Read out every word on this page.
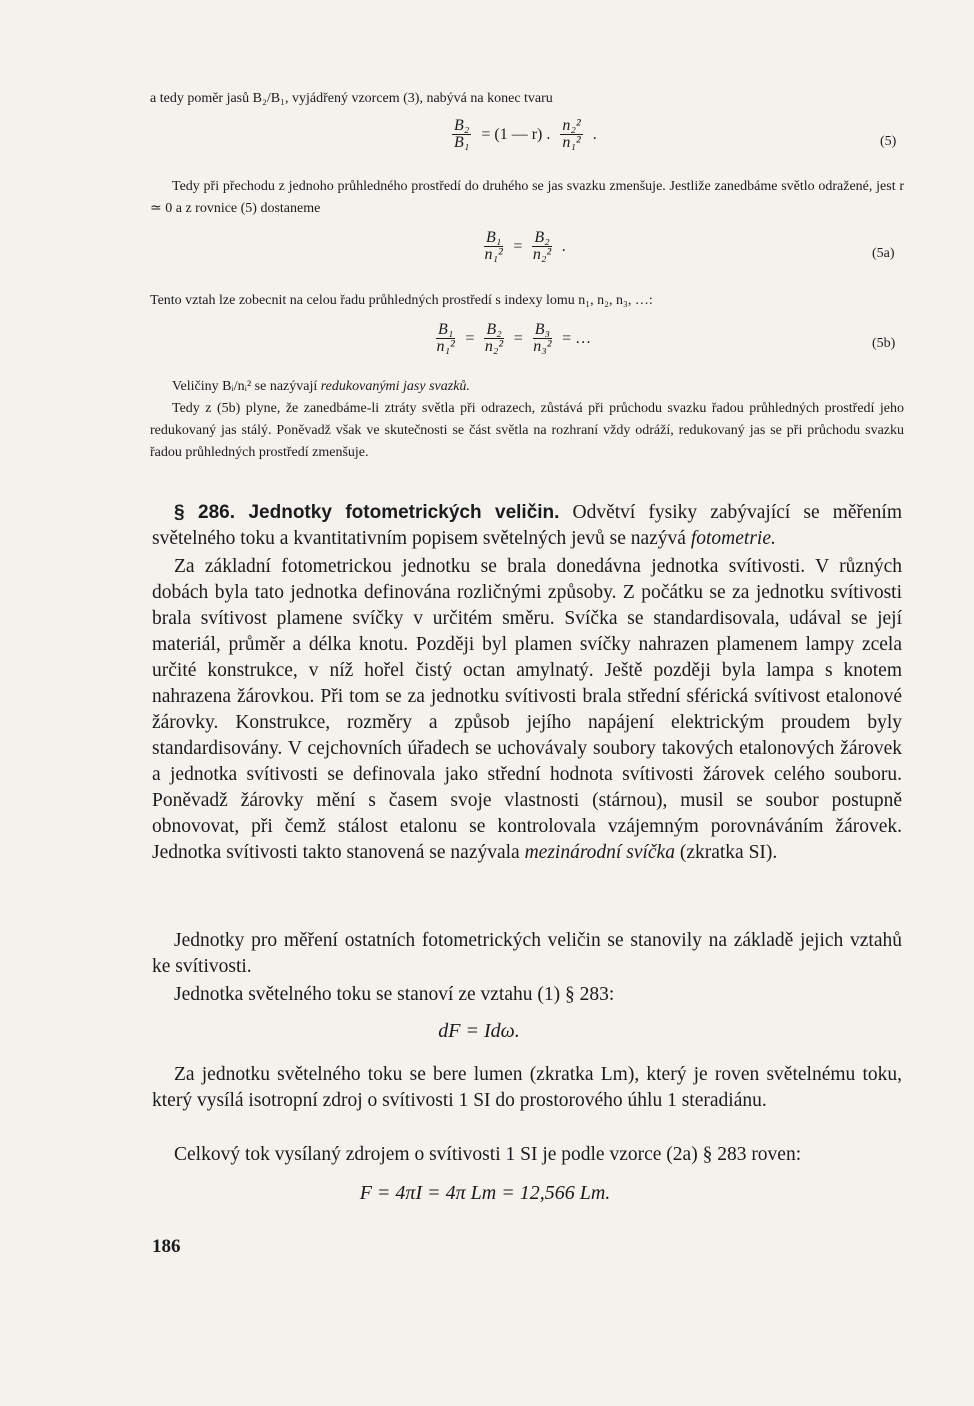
a tedy poměr jasů B₂/B₁, vyjádřený vzorcem (3), nabývá na konec tvaru
$\frac{\text{B₂}}{\text{B₁}} = (1$ — r) . $\frac{\text{n₂²}}{\text{n₁²}}$ .	(5)
Tedy při přechodu z jednoho průhledného prostředí do druhého se jas svazku zmenšuje. Jestliže zanedbáme světlo odražené, jest r ≃ 0 a z rovnice (5) dostaneme
$\frac{\text{B₁}}{\text{n₁²}} = \frac{\text{B₂}}{\text{n₂²}}$ .	(5a)
Tento vztah lze zobecnit na celou řadu průhledných prostředí s indexy lomu n₁, n₂, n₃, …:
$\frac{\text{B₁}}{\text{n₁²}} = \frac{\text{B₂}}{\text{n₂²}} = \frac{\text{B₃}}{\text{n₃²}}$ = …	(5b)
Veličiny Bᵢ/nᵢ² se nazývají redukovanými jasy svazků.
Tedy z (5b) plyne, že zanedbáme-li ztráty světla při odrazech, zůstává při průchodu svazku řadou průhledných prostředí jeho redukovaný jas stálý. Poněvadž však ve skutečnosti se část světla na rozhraní vždy odráží, redukovaný jas se při průchodu svazku řadou průhledných prostředí zmenšuje.
§ 286. Jednotky fotometrických veličin. Odvětví fysiky zabývající se měřením světelného toku a kvantitativním popisem světelných jevů se nazývá fotometrie.
Za základní fotometrickou jednotku se brala donedávna jednotka svítivosti. V různých dobách byla tato jednotka definována rozličnými způsoby. Z počátku se za jednotku svítivosti brala svítivost plamene svíčky v určitém směru. Svíčka se standardisovala, udával se její materiál, průměr a délka knotu. Později byl plamen svíčky nahrazen plamenem lampy zcela určité konstrukce, v níž hořel čistý octan amylnatý. Ještě později byla lampa s knotem nahrazena žárovkou. Při tom se za jednotku svítivosti brala střední sférická svítivost etalonové žárovky. Konstrukce, rozměry a způsob jejího napájení elektrickým proudem byly standardisovány. V cejchovních úřadech se uchovávaly soubory takových etalonových žárovek a jednotka svítivosti se definovala jako střední hodnota svítivosti žárovek celého souboru. Poněvadž žárovky mění s časem svoje vlastnosti (stárnou), musil se soubor postupně obnovovat, při čemž stálost etalonu se kontrolovala vzájemným porovnáváním žárovek. Jednotka svítivosti takto stanovená se nazývala mezinárodní svíčka (zkratka SI).
Jednotky pro měření ostatních fotometrických veličin se stanovily na základě jejich vztahů ke svítivosti.
Jednotka světelného toku se stanoví ze vztahu (1) § 283:
dF = Idω.
Za jednotku světelného toku se bere lumen (zkratka Lm), který je roven světelnému toku, který vysílá isotropní zdroj o svítivosti 1 SI do prostorového úhlu 1 steradiánu.
Celkový tok vysílaný zdrojem o svítivosti 1 SI je podle vzorce (2a) § 283 roven:
F = 4πI = 4π Lm = 12,566 Lm.
186
